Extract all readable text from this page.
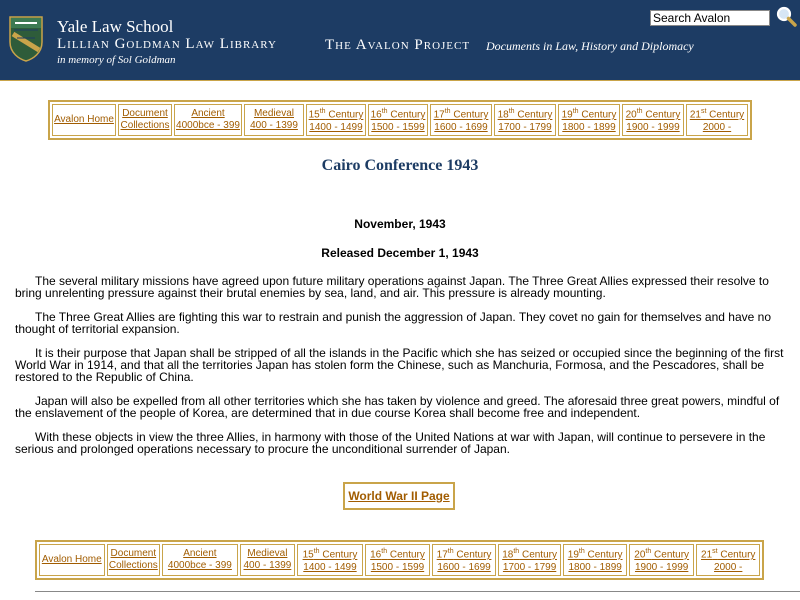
Yale Law School
Lillian Goldman Law Library
in memory of Sol Goldman
The Avalon Project Documents in Law, History and Diplomacy
Search Avalon
Avalon Home
Document
Collections
Ancient
4000bce - 399
Medieval
400 - 1399
15th Century
1400 - 1499
16th Century
1500 - 1599
17th Century
1600 - 1699
18th Century
1700 - 1799
19th Century
1800 - 1899
20th Century
1900 - 1999
21st Century
2000 -
Cairo Conference 1943
November, 1943
Released December 1, 1943

The several military missions have agreed upon future military operations against Japan. The Three Great Allies expressed their resolve to bring unrelenting pressure against their brutal enemies by sea, land, and air. This pressure is already mounting.

The Three Great Allies are fighting this war to restrain and punish the aggression of Japan. They covet no gain for themselves and have no thought of territorial expansion.

It is their purpose that Japan shall be stripped of all the islands in the Pacific which she has seized or occupied since the beginning of the first World War in 1914, and that all the territories Japan has stolen form the Chinese, such as Manchuria, Formosa, and the Pescadores, shall be restored to the Republic of China.

Japan will also be expelled from all other territories which she has taken by violence and greed. The aforesaid three great powers, mindful of the enslavement of the people of Korea, are determined that in due course Korea shall become free and independent.

With these objects in view the three Allies, in harmony with those of the United Nations at war with Japan, will continue to persevere in the serious and prolonged operations necessary to procure the unconditional surrender of Japan.

World War II Page
Avalon Home
Document
Collections
Ancient
4000bce - 399
Medieval
400 - 1399
15th Century
1400 - 1499
16th Century
1500 - 1599
17th Century
1600 - 1699
18th Century
1700 - 1799
19th Century
1800 - 1899
20th Century
1900 - 1999
21st Century
2000 -
